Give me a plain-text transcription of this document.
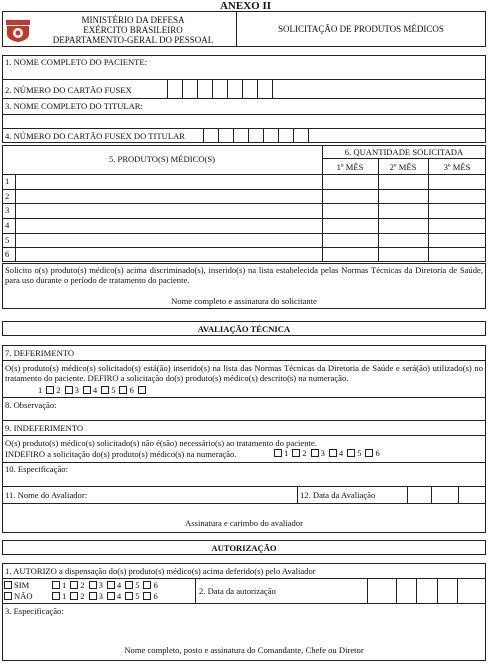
ANEXO II
MINISTÉRIO DA DEFESA
EXÉRCITO BRASILEIRO
DEPARTAMENTO-GERAL DO PESSOAL
SOLICITAÇÃO DE PRODUTOS MÉDICOS
1. NOME COMPLETO DO PACIENTE:
2. NÚMERO DO CARTÃO FUSEX
3. NOME COMPLETO DO TITULAR:
4. NÚMERO DO CARTÃO FUSEX DO TITULAR
5. PRODUTO(S) MÉDICO(S)
6. QUANTIDADE SOLICITADA
1º MÊS	2º MÊS	3º MÊS
1
2
3
4
5
6
Solicito o(s) produto(s) médico(s) acima discriminado(s), inserido(s) na lista estabelecida pelas Normas Técnicas da Diretoria de Saúde, para uso durante o período de tratamento do paciente.
Nome completo e assinatura do solicitante
AVALIAÇÃO TÉCNICA
7. DEFERIMENTO
O(s) produto(s) médico(s) solicitado(s) está(ão) inserido(s) na lista das Normas Técnicas da Diretoria de Saúde e será(ão) utilizado(s) no tratamento do paciente. DEFIRO a solicitação do(s) produto(s) médico(s) descrito(s) na numeração.
1 2 3 4 5 6
8. Observação:
9. INDEFERIMENTO
O(s) produto(s) médico(s) solicitado(s) não é(são) necessário(s) ao tratamento do paciente.
INDEFIRO a solicitação do(s) produto(s) médico(s) na numeração.	1 2 3 4 5 6
10. Especificação:
11. Nome do Avaliador:	12. Data da Avaliação
Assinatura e carimbo do avaliador
AUTORIZAÇÃO
1. AUTORIZO a dispensação do(s) produto(s) médico(s) acima deferido(s) pelo Avaliador
SIM
NÃO
1 2 3 4 5 6
1 2 3 4 5 6	2. Data da autorização
3. Especificação:
Nome completo, posto e assinatura do Comandante, Chefe ou Diretor
